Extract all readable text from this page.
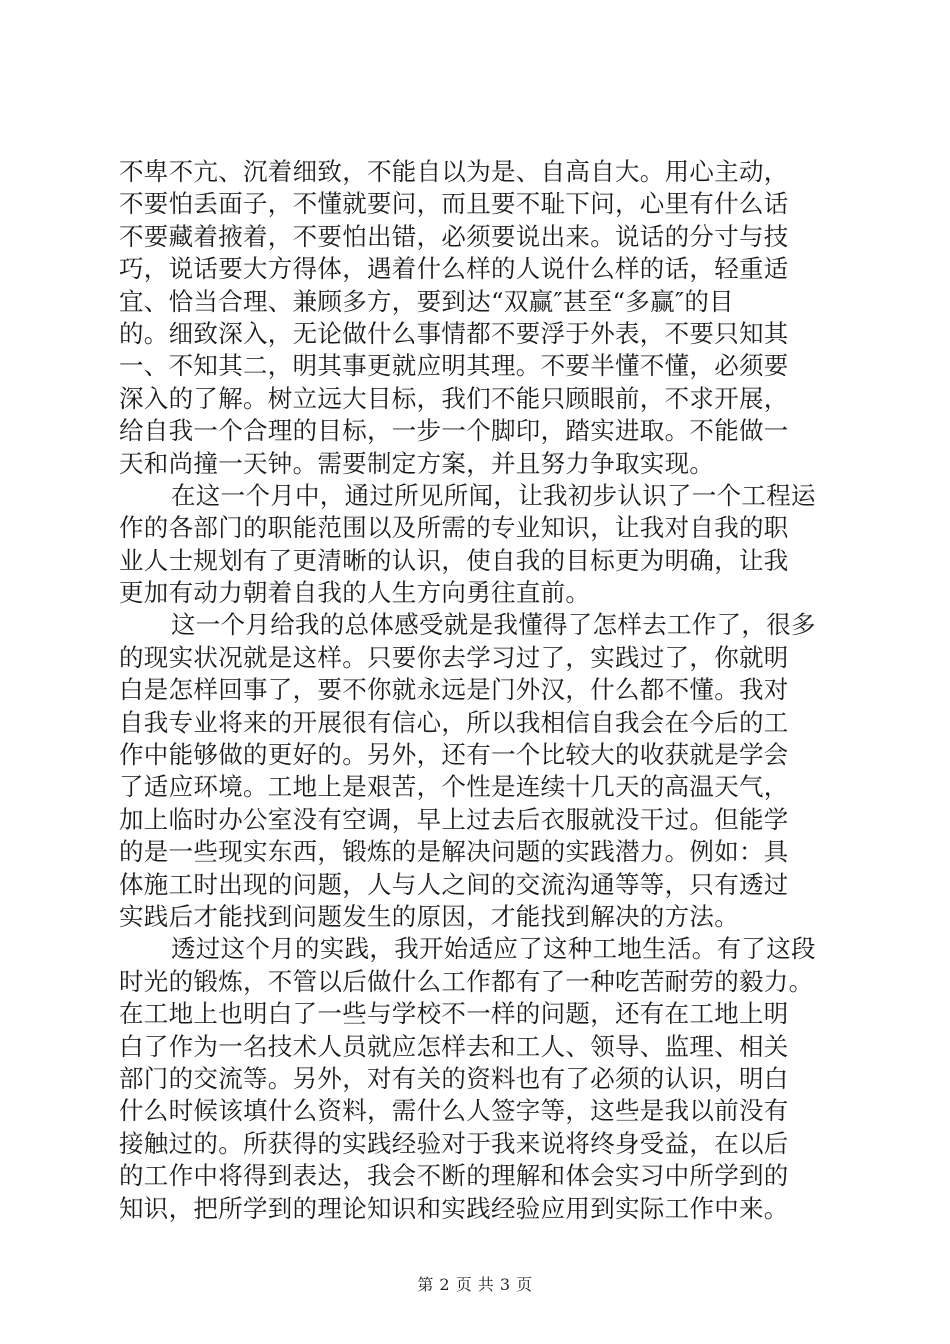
不卑不亢、沉着细致，不能自以为是、自高自大。用心主动，
不要怕丢面子，不懂就要问，而且要不耻下问，心里有什么话
不要藏着掖着，不要怕出错，必须要说出来。说话的分寸与技
巧，说话要大方得体，遇着什么样的人说什么样的话，轻重适
宜、恰当合理、兼顾多方，要到达“双赢″甚至“多赢″的目
的。细致深入，无论做什么事情都不要浮于外表，不要只知其
一、不知其二，明其事更就应明其理。不要半懂不懂，必须要
深入的了解。树立远大目标，我们不能只顾眼前，不求开展，
给自我一个合理的目标，一步一个脚印，踏实进取。不能做一
天和尚撞一天钟。需要制定方案，并且努力争取实现。
在这一个月中，通过所见所闻，让我初步认识了一个工程运
作的各部门的职能范围以及所需的专业知识，让我对自我的职
业人士规划有了更清晰的认识，使自我的目标更为明确，让我
更加有动力朝着自我的人生方向勇往直前。
这一个月给我的总体感受就是我懂得了怎样去工作了，很多
的现实状况就是这样。只要你去学习过了，实践过了，你就明
白是怎样回事了，要不你就永远是门外汉，什么都不懂。我对
自我专业将来的开展很有信心，所以我相信自我会在今后的工
作中能够做的更好的。另外，还有一个比较大的收获就是学会
了适应环境。工地上是艰苦，个性是连续十几天的高温天气，
加上临时办公室没有空调，早上过去后衣服就没干过。但能学
的是一些现实东西，锻炼的是解决问题的实践潜力。例如：具
体施工时出现的问题，人与人之间的交流沟通等等，只有透过
实践后才能找到问题发生的原因，才能找到解决的方法。
透过这个月的实践，我开始适应了这种工地生活。有了这段
时光的锻炼，不管以后做什么工作都有了一种吃苦耐劳的毅力。
在工地上也明白了一些与学校不一样的问题，还有在工地上明
白了作为一名技术人员就应怎样去和工人、领导、监理、相关
部门的交流等。另外，对有关的资料也有了必须的认识，明白
什么时候该填什么资料，需什么人签字等，这些是我以前没有
接触过的。所获得的实践经验对于我来说将终身受益，在以后
的工作中将得到表达，我会不断的理解和体会实习中所学到的
知识，把所学到的理论知识和实践经验应用到实际工作中来。
第 2 页 共 3 页
